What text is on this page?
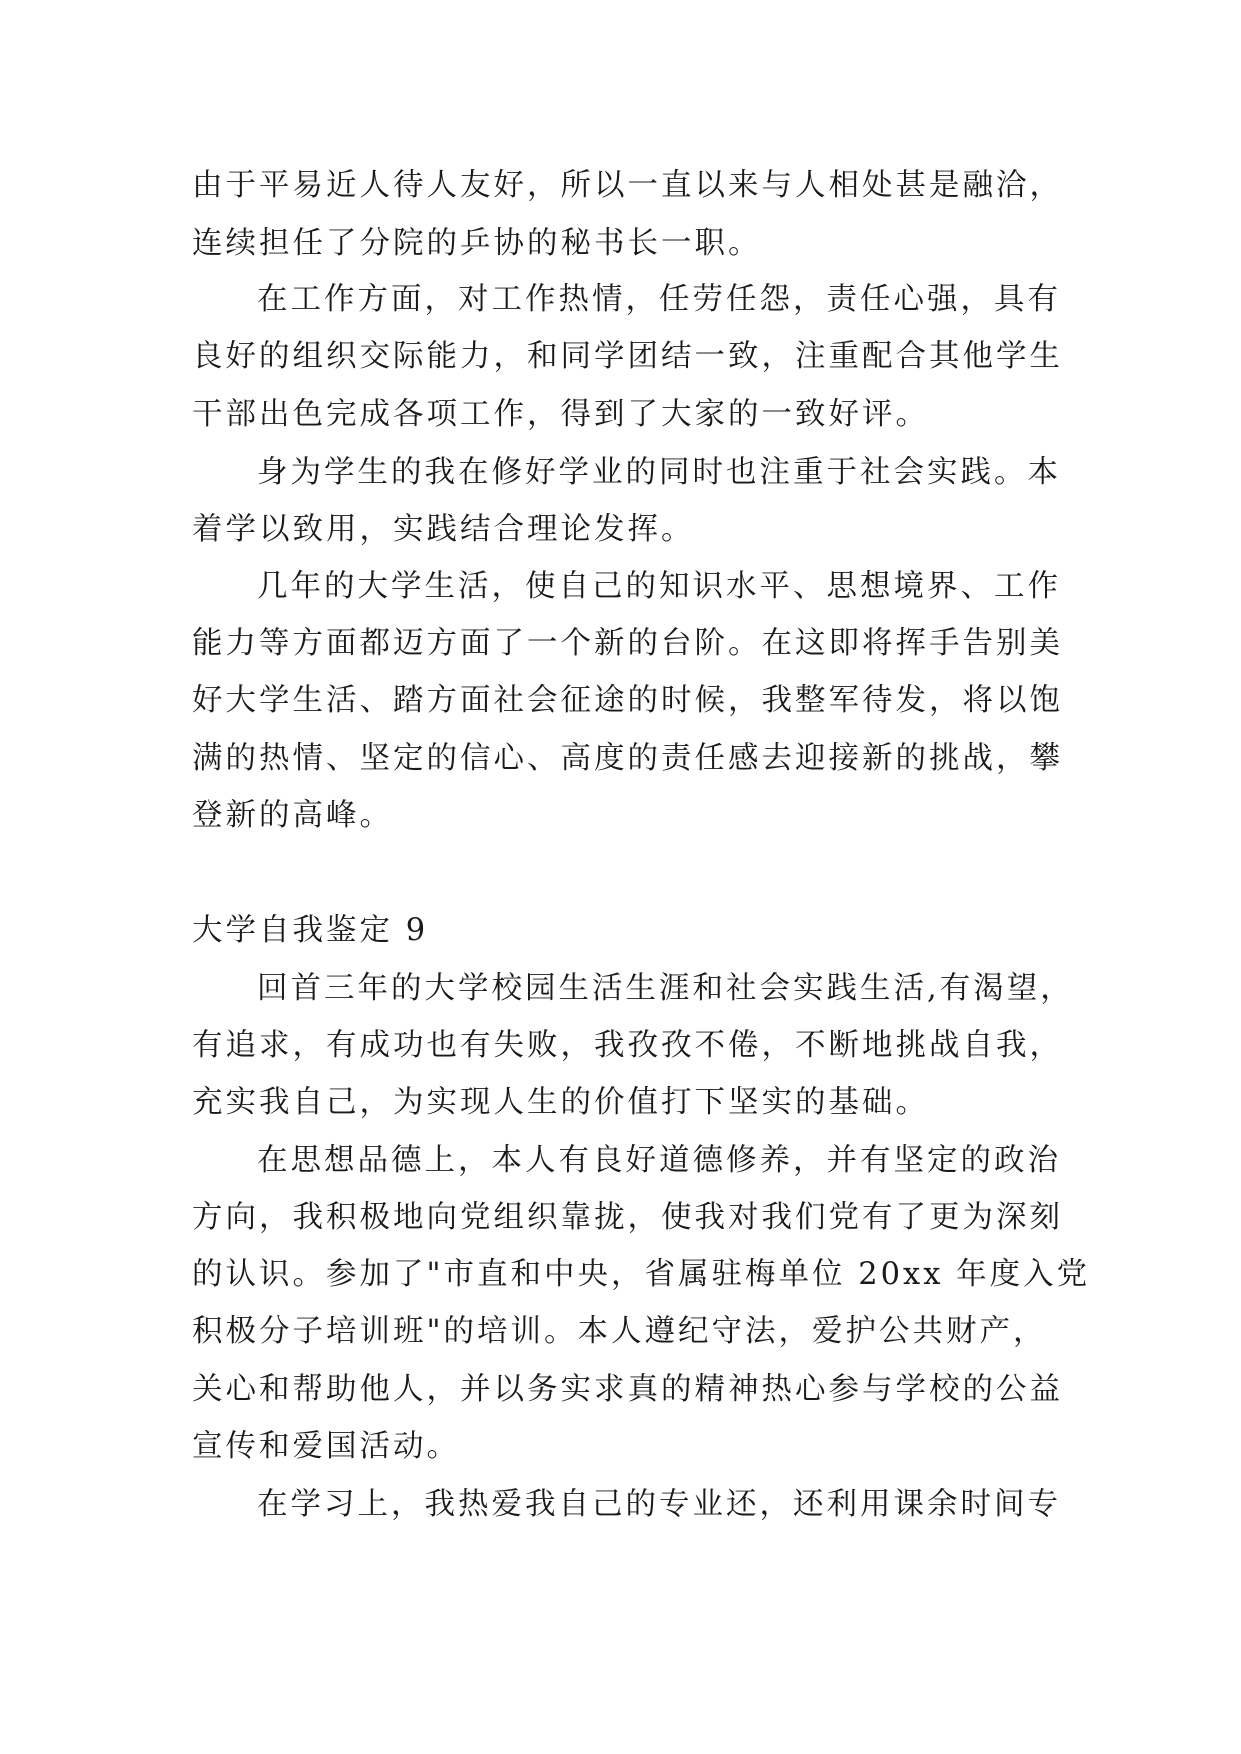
由于平易近人待人友好，所以一直以来与人相处甚是融洽，
连续担任了分院的乒协的秘书长一职。
在工作方面，对工作热情，任劳任怨，责任心强，具有
良好的组织交际能力，和同学团结一致，注重配合其他学生
干部出色完成各项工作，得到了大家的一致好评。
身为学生的我在修好学业的同时也注重于社会实践。本
着学以致用，实践结合理论发挥。
几年的大学生活，使自己的知识水平、思想境界、工作
能力等方面都迈方面了一个新的台阶。在这即将挥手告别美
好大学生活、踏方面社会征途的时候，我整军待发，将以饱
满的热情、坚定的信心、高度的责任感去迎接新的挑战，攀
登新的高峰。
大学自我鉴定 9
回首三年的大学校园生活生涯和社会实践生活,有渴望，
有追求，有成功也有失败，我孜孜不倦，不断地挑战自我，
充实我自己，为实现人生的价值打下坚实的基础。
在思想品德上，本人有良好道德修养，并有坚定的政治
方向，我积极地向党组织靠拢，使我对我们党有了更为深刻
的认识。参加了"市直和中央，省属驻梅单位 20xx 年度入党
积极分子培训班"的培训。本人遵纪守法，爱护公共财产，
关心和帮助他人，并以务实求真的精神热心参与学校的公益
宣传和爱国活动。
在学习上，我热爱我自己的专业还，还利用课余时间专
